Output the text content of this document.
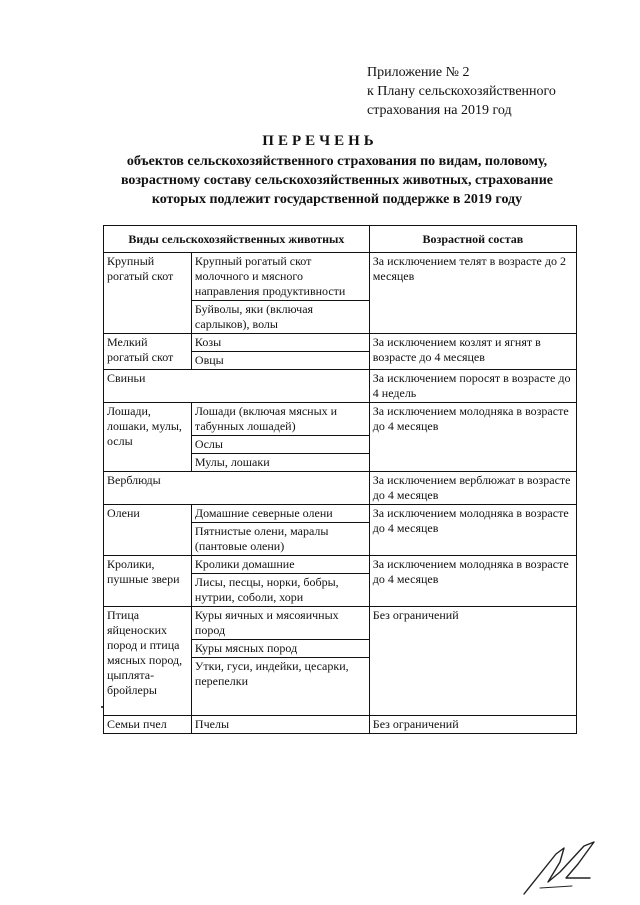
Приложение № 2
к Плану сельскохозяйственного
страхования на 2019 год
ПЕРЕЧЕНЬ
объектов сельскохозяйственного страхования по видам, половому,
возрастному составу сельскохозяйственных животных, страхование
которых подлежит государственной поддержке в 2019 году
Виды сельскохозяйственных животных		Возрастной состав
Крупный рогатый скот	Крупный рогатый скот молочного и мясного направления продуктивности	За исключением телят в возрасте до 2 месяцев
	Буйволы, яки (включая сарлыков), волы	
Мелкий рогатый скот	Козы	За исключением козлят и ягнят в возрасте до 4 месяцев
	Овцы	
Свиньи		За исключением поросят в возрасте до 4 недель
Лошади, лошаки, мулы, ослы	Лошади (включая мясных и табунных лошадей)	За исключением молодняка в возрасте до 4 месяцев
	Ослы	
	Мулы, лошаки	
Верблюды		За исключением верблюжат в возрасте до 4 месяцев
Олени	Домашние северные олени	За исключением молодняка в возрасте до 4 месяцев
	Пятнистые олени, маралы (пантовые олени)	
Кролики, пушные звери	Кролики домашние	За исключением молодняка в возрасте до 4 месяцев
	Лисы, песцы, норки, бобры, нутрии, соболи, хори	
Птица яйценоских пород и птица мясных пород, цыплята-бройлеры	Куры яичных и мясояичных пород	Без ограничений
	Куры мясных пород	
	Утки, гуси, индейки, цесарки, перепелки	
Семьи пчел	Пчелы	Без ограничений
